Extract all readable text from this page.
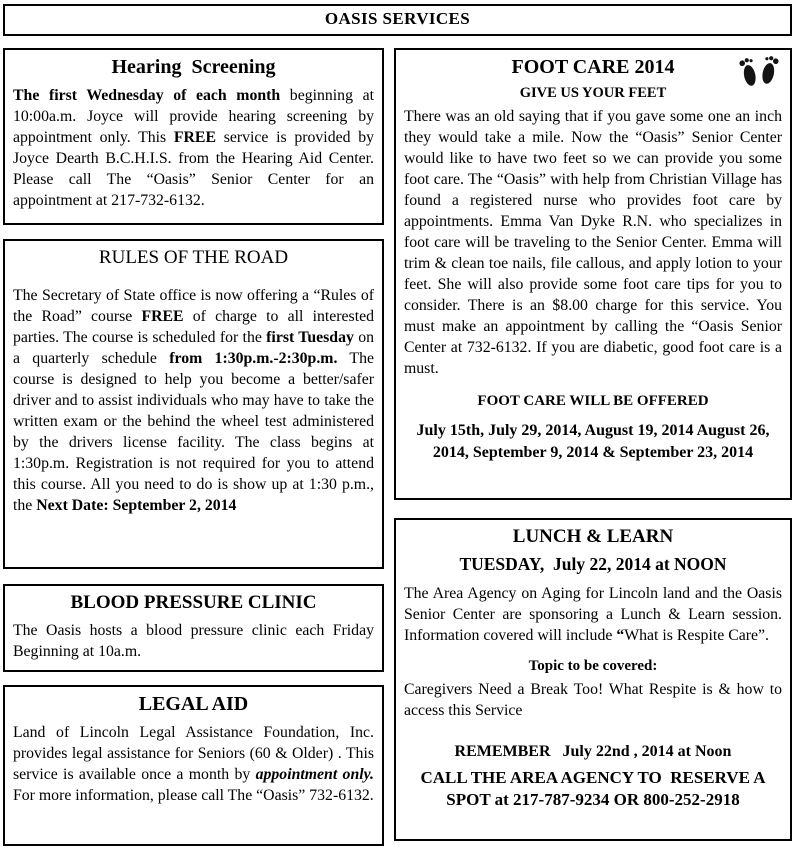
OASIS SERVICES
Hearing  Screening

The first Wednesday of each month beginning at 10:00a.m. Joyce will provide hearing screening by appointment only. This FREE service is provided by Joyce Dearth B.C.H.I.S. from the Hearing Aid Center. Please call The “Oasis” Senior Center for an appointment at 217-732-6132.

RULES OF THE ROAD

The Secretary of State office is now offering a “Rules of the Road” course FREE of charge to all interested parties. The course is scheduled for the first Tuesday on a quarterly schedule from 1:30p.m.-2:30p.m. The course is designed to help you become a better/safer driver and to assist individuals who may have to take the written exam or the behind the wheel test administered by the drivers license facility. The class begins at 1:30p.m. Registration is not required for you to attend this course. All you need to do is show up at 1:30 p.m., the Next Date: September 2, 2014

BLOOD PRESSURE CLINIC

The Oasis hosts a blood pressure clinic each Friday Beginning at 10a.m.

LEGAL AID

Land of Lincoln Legal Assistance Foundation, Inc. provides legal assistance for Seniors (60 & Older) . This service is available once a month by appointment only. For more information, please call The “Oasis” 732-6132.

FOOT CARE 2014
GIVE US YOUR FEET

There was an old saying that if you gave some one an inch they would take a mile. Now the “Oasis” Senior Center would like to have two feet so we can provide you some foot care. The “Oasis” with help from Christian Village has found a registered nurse who provides foot care by appointments. Emma Van Dyke R.N. who specializes in foot care will be traveling to the Senior Center. Emma will trim & clean toe nails, file callous, and apply lotion to your feet. She will also provide some foot care tips for you to consider. There is an $8.00 charge for this service. You must make an appointment by calling the “Oasis Senior Center at 732-6132. If you are diabetic, good foot care is a must.

FOOT CARE WILL BE OFFERED
July 15th, July 29, 2014, August 19, 2014 August 26, 2014, September 9, 2014 & September 23, 2014
LUNCH & LEARN
TUESDAY,  July 22, 2014 at NOON

The Area Agency on Aging for Lincoln land and the Oasis Senior Center are sponsoring a Lunch & Learn session. Information covered will include “What is Respite Care”.

Topic to be covered:

Caregivers Need a Break Too! What Respite is & how to access this Service

REMEMBER   July 22nd , 2014 at Noon
CALL THE AREA AGENCY TO  RESERVE A SPOT at 217-787-9234 OR 800-252-2918
